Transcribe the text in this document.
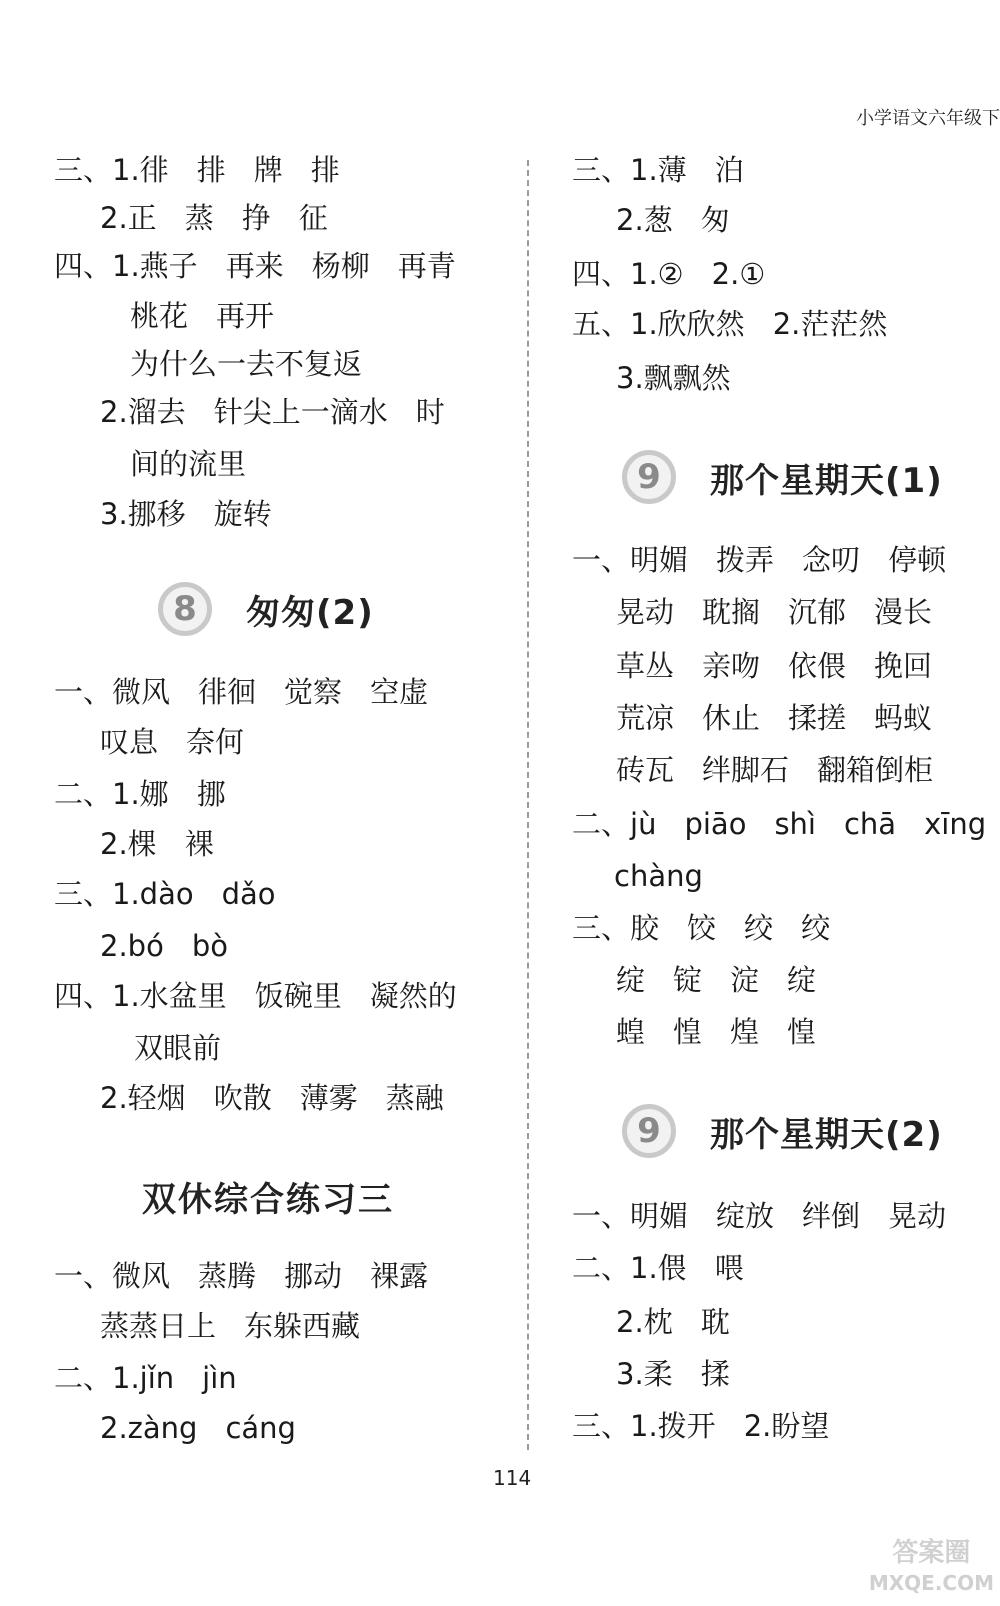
小学语文六年级下
三、1.徘 排 牌 排
2.正 蒸 挣 征
四、1.燕子 再来 杨柳 再青
桃花 再开
为什么一去不复返
2.溜去 针尖上一滴水 时
间的流里
3.挪移 旋转
8	匆匆(2)
一、微风 徘徊 觉察 空虚
叹息 奈何
二、1.娜 挪
2.棵 裸
三、1.dào dǎo
2.bó bò
四、1.水盆里 饭碗里 凝然的
双眼前
2.轻烟 吹散 薄雾 蒸融
双休综合练习三
一、微风 蒸腾 挪动 裸露
蒸蒸日上 东躲西藏
二、1.jǐn jìn
2.zàng cáng
三、1.薄 泊
2.葱 匆
四、1.② 2.①
五、1.欣欣然 2.茫茫然
3.飘飘然
9	那个星期天(1)
一、明媚 拨弄 念叨 停顿
晃动 耽搁 沉郁 漫长
草丛 亲吻 依偎 挽回
荒凉 休止 揉搓 蚂蚁
砖瓦 绊脚石 翻箱倒柜
二、jù piāo shì chā xīng
chàng
三、胶 饺 绞 绞
绽 锭 淀 绽
蝗 惶 煌 惶
9	那个星期天(2)
一、明媚 绽放 绊倒 晃动
二、1.偎 喂
2.枕 耽
3.柔 揉
三、1.拨开 2.盼望
114
答案圈
MXQE.COM
